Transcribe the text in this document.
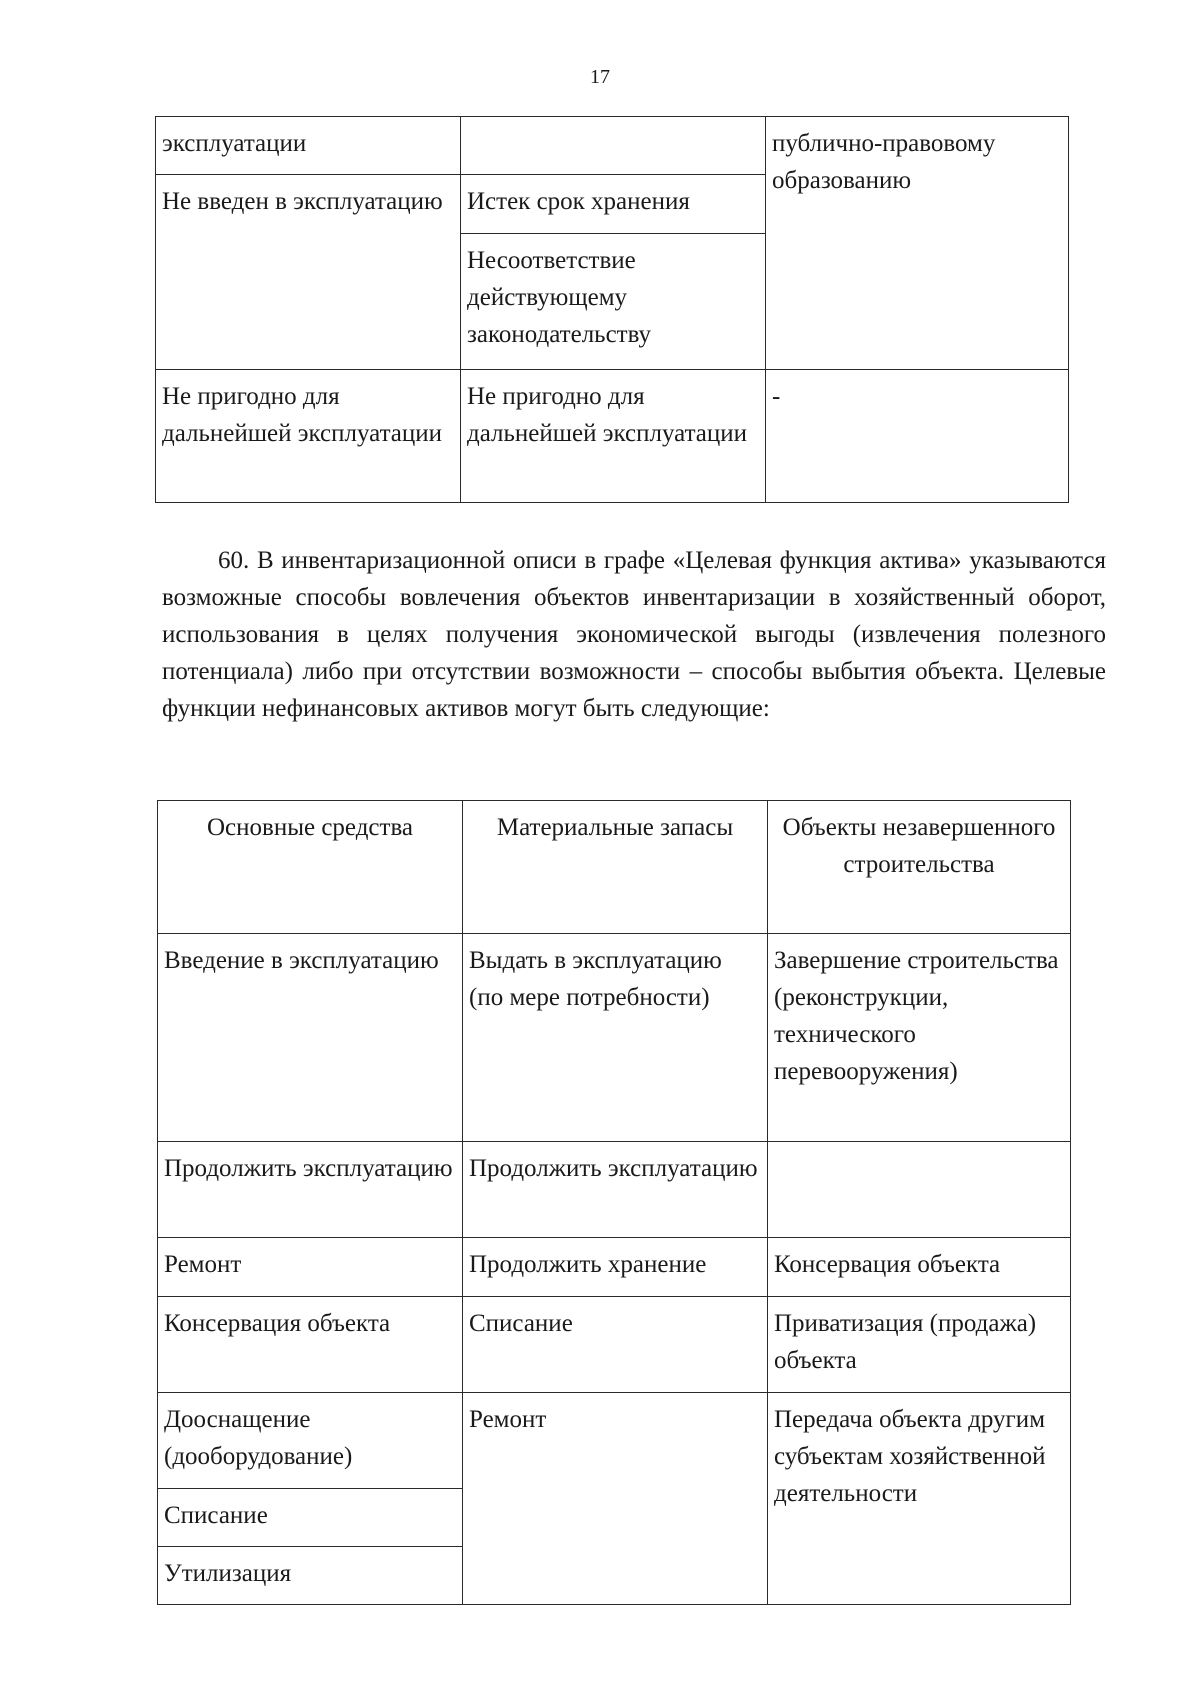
17
эксплуатации		публично-правовому образованию
Не введен в эксплуатацию	Истек срок хранения	
	Несоответствие действующему законодательству	
Не пригодно для дальнейшей эксплуатации	Не пригодно для дальнейшей эксплуатации	-

60. В инвентаризационной описи в графе «Целевая функция актива» указываются возможные способы вовлечения объектов инвентаризации в хозяйственный оборот, использования в целях получения экономической выгоды (извлечения полезного потенциала) либо при отсутствии возможности – способы выбытия объекта. Целевые функции нефинансовых активов могут быть следующие:

Основные средства	Материальные запасы	Объекты незавершенного строительства
Введение в эксплуатацию	Выдать в эксплуатацию (по мере потребности)	Завершение строительства (реконструкции, технического перевооружения)
Продолжить эксплуатацию	Продолжить эксплуатацию	
Ремонт	Продолжить хранение	Консервация объекта
Консервация объекта	Списание	Приватизация (продажа) объекта
Дооснащение (дооборудование)	Ремонт	Передача объекта другим субъектам хозяйственной деятельности
Списание		
Утилизация		
